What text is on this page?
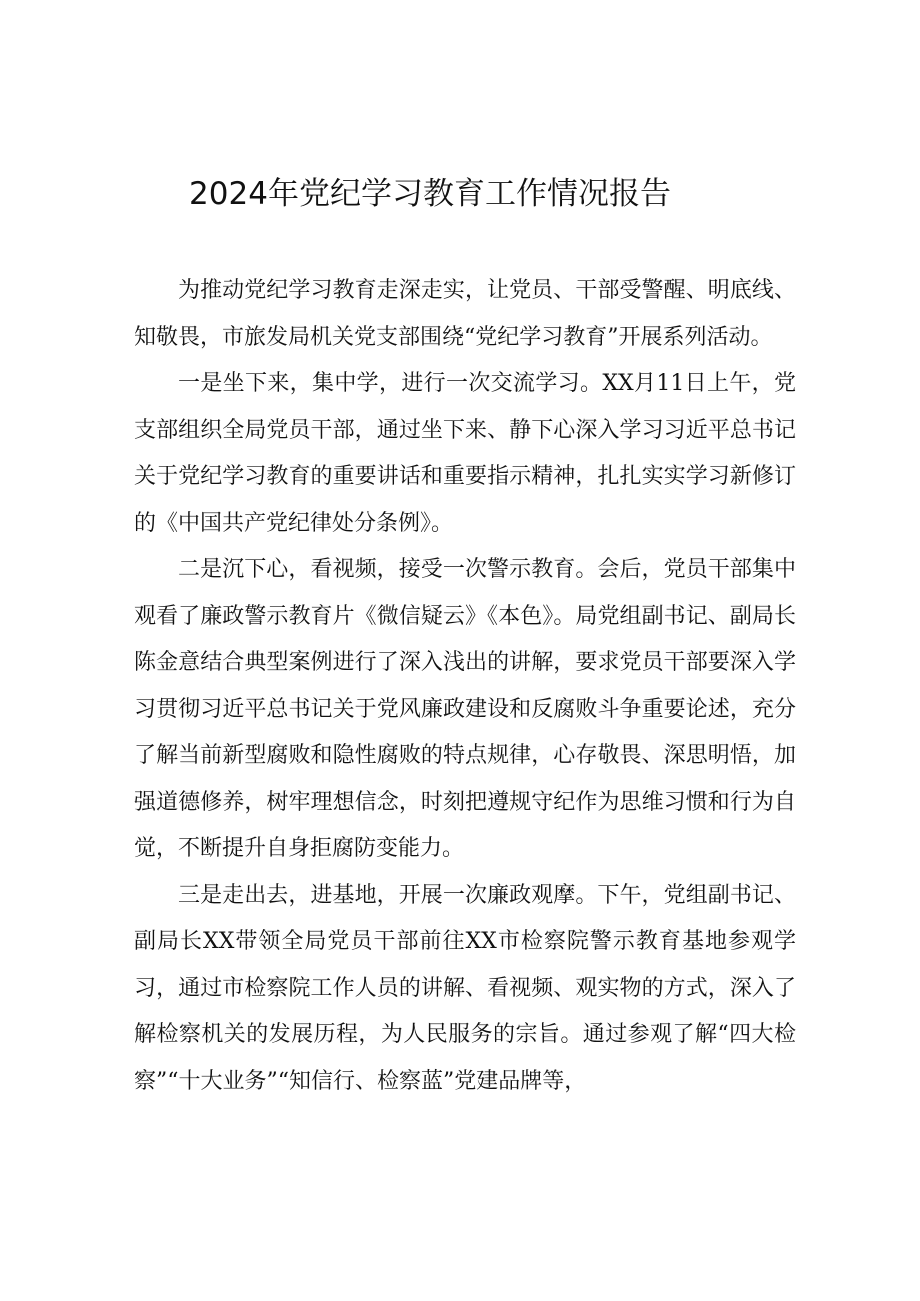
2024年党纪学习教育工作情况报告

为推动党纪学习教育走深走实，让党员、干部受警醒、明底线、知敬畏，市旅发局机关党支部围绕“党纪学习教育”开展系列活动。

一是坐下来，集中学，进行一次交流学习。XX月11日上午，党支部组织全局党员干部，通过坐下来、静下心深入学习习近平总书记关于党纪学习教育的重要讲话和重要指示精神，扎扎实实学习新修订的《中国共产党纪律处分条例》。

二是沉下心，看视频，接受一次警示教育。会后，党员干部集中观看了廉政警示教育片《微信疑云》《本色》。局党组副书记、副局长陈金意结合典型案例进行了深入浅出的讲解，要求党员干部要深入学习贯彻习近平总书记关于党风廉政建设和反腐败斗争重要论述，充分了解当前新型腐败和隐性腐败的特点规律，心存敬畏、深思明悟，加强道德修养，树牢理想信念，时刻把遵规守纪作为思维习惯和行为自觉，不断提升自身拒腐防变能力。

三是走出去，进基地，开展一次廉政观摩。下午，党组副书记、副局长XX带领全局党员干部前往XX市检察院警示教育基地参观学习，通过市检察院工作人员的讲解、看视频、观实物的方式，深入了解检察机关的发展历程，为人民服务的宗旨。通过参观了解“四大检察”“十大业务”“知信行、检察蓝”党建品牌等，
